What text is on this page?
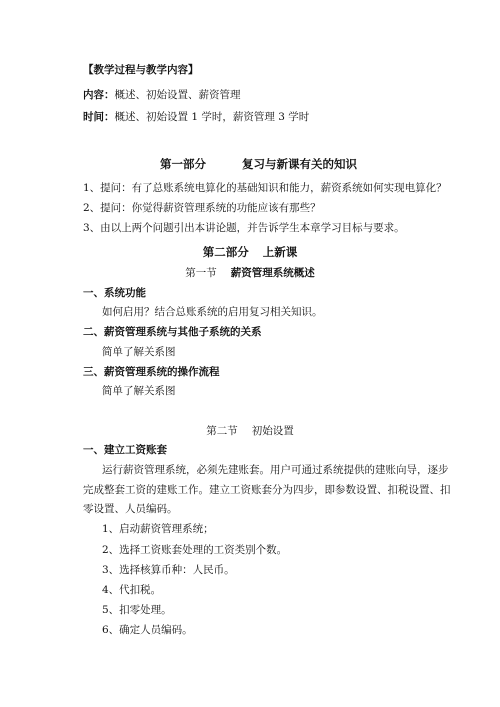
【教学过程与教学内容】
内容：概述、初始设置、薪资管理
时间：概述、初始设置 1 学时，薪资管理 3 学时
第一部分	复习与新课有关的知识
1、提问：有了总账系统电算化的基础知识和能力，薪资系统如何实现电算化？
2、提问：你觉得薪资管理系统的功能应该有那些？
3、由以上两个问题引出本讲论题，并告诉学生本章学习目标与要求。
第二部分 上新课
第一节 薪资管理系统概述
一、系统功能
如何启用？结合总账系统的启用复习相关知识。
二、薪资管理系统与其他子系统的关系
简单了解关系图
三、薪资管理系统的操作流程
简单了解关系图
第二节 初始设置
一、建立工资账套
运行薪资管理系统，必须先建账套。用户可通过系统提供的建账向导，逐步
完成整套工资的建账工作。建立工资账套分为四步，即参数设置、扣税设置、扣
零设置、人员编码。
1、启动薪资管理系统；
2、选择工资账套处理的工资类别个数。
3、选择核算币种：人民币。
4、代扣税。
5、扣零处理。
6、确定人员编码。
